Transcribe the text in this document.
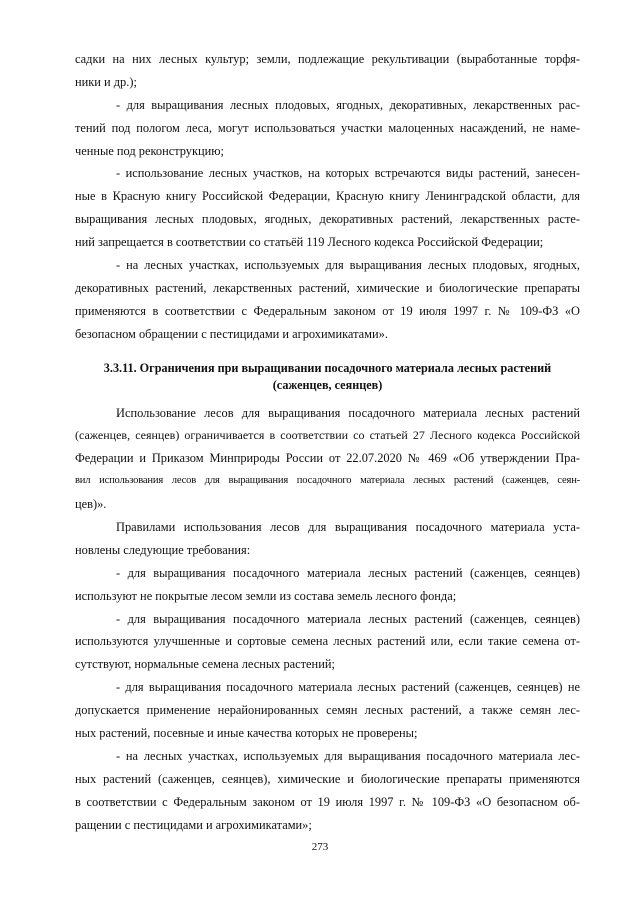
садки на них лесных культур; земли, подлежащие рекультивации (выработанные торфя-
ники и др.);
- для выращивания лесных плодовых, ягодных, декоративных, лекарственных рас-
тений под пологом леса, могут использоваться участки малоценных насаждений, не наме-
ченные под реконструкцию;
- использование лесных участков, на которых встречаются виды растений, занесен-
ные в Красную книгу Российской Федерации, Красную книгу Ленинградской области, для
выращивания лесных плодовых, ягодных, декоративных растений, лекарственных расте-
ний запрещается в соответствии со статьёй 119 Лесного кодекса Российской Федерации;
- на лесных участках, используемых для выращивания лесных плодовых, ягодных,
декоративных растений, лекарственных растений, химические и биологические препараты
применяются в соответствии с Федеральным законом от 19 июля 1997 г. № 109-ФЗ «О
безопасном обращении с пестицидами и агрохимикатами».
3.3.11. Ограничения при выращивании посадочного материала лесных растений
(саженцев, сеянцев)
Использование лесов для выращивания посадочного материала лесных растений
(саженцев, сеянцев) ограничивается в соответствии со статьей 27 Лесного кодекса Российской
Федерации и Приказом Минприроды России от 22.07.2020 № 469 «Об утверждении Пра-
вил использования лесов для выращивания посадочного материала лесных растений (саженцев, сеян-
цев)».
Правилами использования лесов для выращивания посадочного материала уста-
новлены следующие требования:
- для выращивания посадочного материала лесных растений (саженцев, сеянцев)
используют не покрытые лесом земли из состава земель лесного фонда;
- для выращивания посадочного материала лесных растений (саженцев, сеянцев)
используются улучшенные и сортовые семена лесных растений или, если такие семена от-
сутствуют, нормальные семена лесных растений;
- для выращивания посадочного материала лесных растений (саженцев, сеянцев) не
допускается применение нерайонированных семян лесных растений, а также семян лес-
ных растений, посевные и иные качества которых не проверены;
- на лесных участках, используемых для выращивания посадочного материала лес-
ных растений (саженцев, сеянцев), химические и биологические препараты применяются
в соответствии с Федеральным законом от 19 июля 1997 г. № 109-ФЗ «О безопасном об-
ращении с пестицидами и агрохимикатами»;
273
